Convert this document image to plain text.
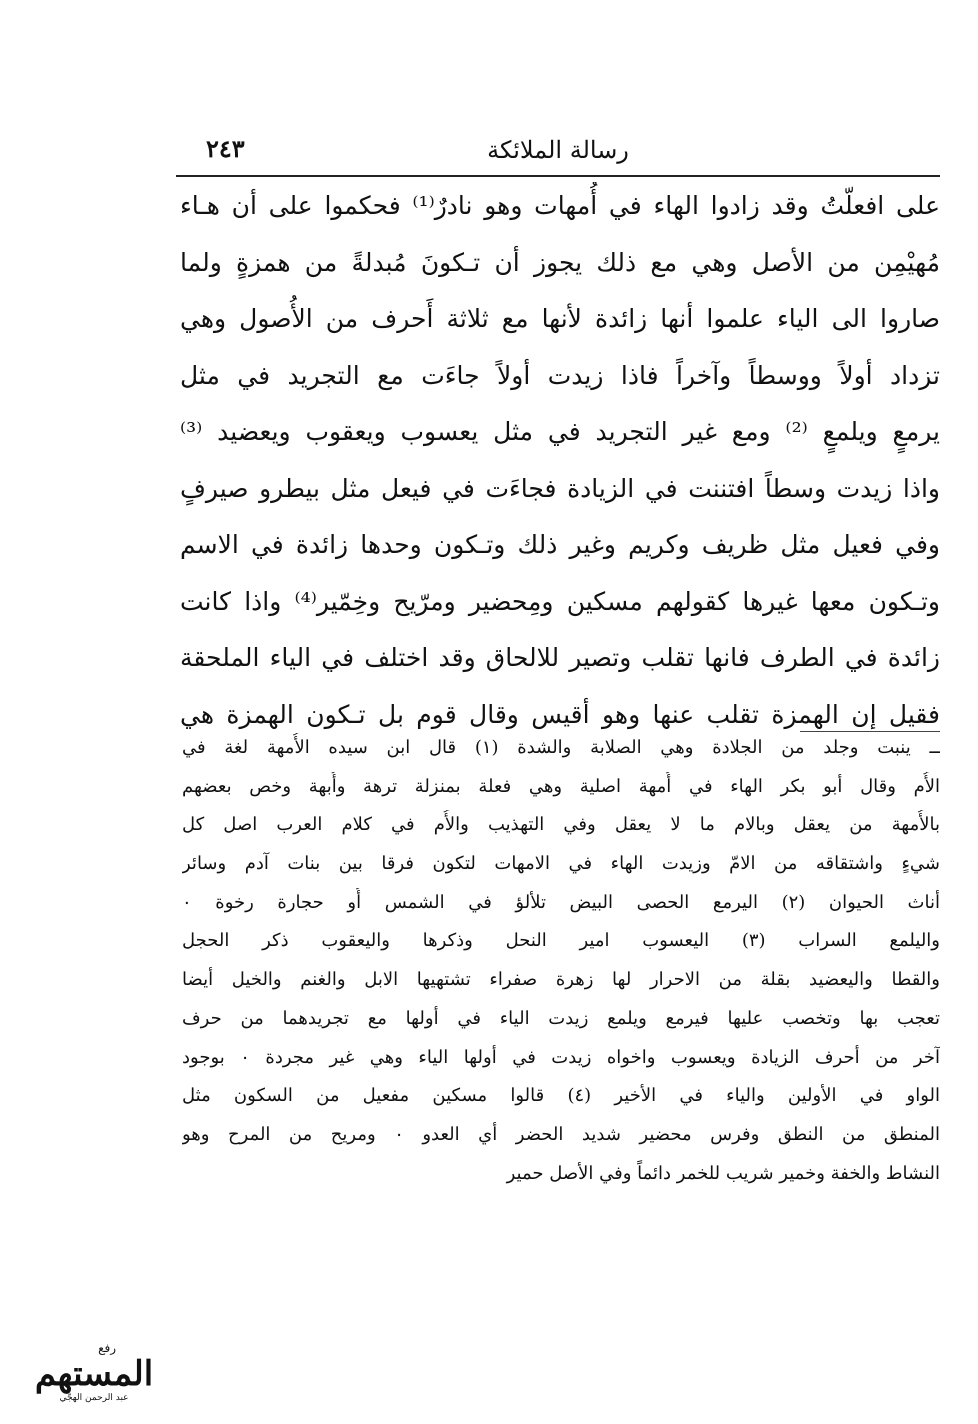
رسالة الملائكة
٢٤٣
على افعلّتُ وقد زادوا الهاء في أُمهات وهو نادرٌ⁽¹⁾ فحكموا على أن هـاء
مُهيْمِن من الأصل وهي مع ذلك يجوز أن تـكونَ مُبدلةً من همزةٍ ولما
صاروا الى الياء علموا أنها زائدة لأنها مع ثلاثة أَحرف من الأُصول وهي
تزداد أولاً ووسطاً وآخراً فاذا زيدت أولاً جاءَت مع التجريد في مثل
يرمعٍ ويلمعٍ ⁽²⁾ ومع غير التجريد في مثل يعسوب ويعقوب ويعضيد ⁽³⁾
واذا زيدت وسطاً افتننت في الزيادة فجاءَت في فيعل مثل بيطرو صيرفٍ
وفي فعيل مثل ظريف وكريم وغير ذلك وتـكون وحدها زائدة في الاسم
وتـكون معها غيرها كقولهم مسكين ومِحضير ومرّيح وخِمّير⁽⁴⁾ واذا كانت
زائدة في الطرف فانها تقلب وتصير للالحاق وقد اختلف في الياء الملحقة
فقيل إن الهمزة تقلب عنها وهو أقيس وقال قوم بل تـكون الهمزة هي
ــ ينبت وجلد من الجلادة وهي الصلابة والشدة (١) قال ابن سيده الأُمهة لغة في
الأُم وقال أبو بكر الهاء في أُمهة اصلية وهي فعلة بمنزلة ترهة وأُبهة وخص بعضهم
بالأُمهة من يعقل وبالام ما لا يعقل وفي التهذيب والأُم في كلام العرب اصل كل
شيءٍ واشتقاقه من الامّ وزيدت الهاء في الامهات لتكون فرقا بين بنات آدم وسائر
أناث الحيوان (٢) اليرمع الحصى البيض تلألؤ في الشمس أُو حجارة رخوة ٠
واليلمع السراب (٣) اليعسوب امير النحل وذكرها واليعقوب ذكر الحجل
والقطا واليعضيد بقلة من الاحرار لها زهرة صفراء تشتهيها الابل والغنم والخيل أيضا
تعجب بها وتخصب عليها فيرمع ويلمع زيدت الياء في أولها مع تجريدهما من حرف
آخر من أحرف الزيادة ويعسوب واخواه زيدت في أولها الياء وهي غير مجردة ٠ بوجود
الواو في الأولين والياء في الأخير (٤) قالوا مسكين مفعيل من السكون مثل
المنطق من النطق وفرس محضير شديد الحضر أي العدو ٠ ومريح من المرح وهو
النشاط والخفة وخمير شريب للخمر دائماً وفي الأصل حمير
رفع
المستهم
عبد الرحمن الهجّي
